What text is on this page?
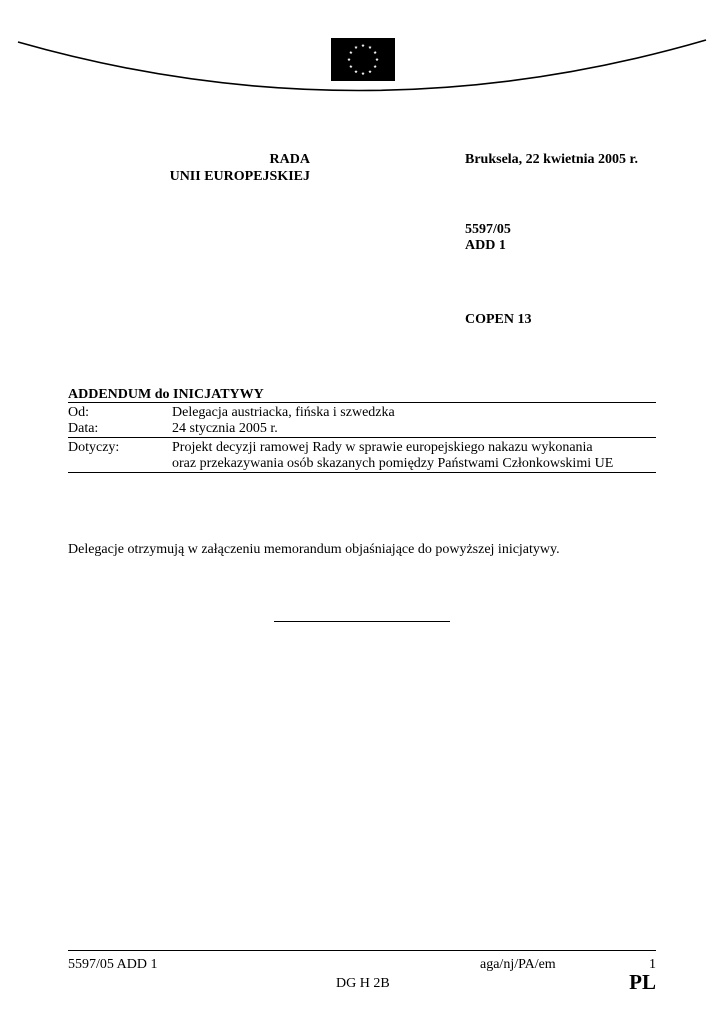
RADA
UNII EUROPEJSKIEJ
Bruksela, 22 kwietnia 2005 r.
5597/05
ADD 1
COPEN 13
ADDENDUM do INICJATYWY
Od:	Delegacja austriacka, fińska i szwedzka
Data:	24 stycznia 2005 r.
Dotyczy:	Projekt decyzji ramowej Rady w sprawie europejskiego nakazu wykonania
oraz przekazywania osób skazanych pomiędzy Państwami Członkowskimi UE
Delegacje otrzymują w załączeniu memorandum objaśniające do powyższej inicjatywy.
5597/05 ADD 1	aga/nj/PA/em	1
DG H 2B	PL
